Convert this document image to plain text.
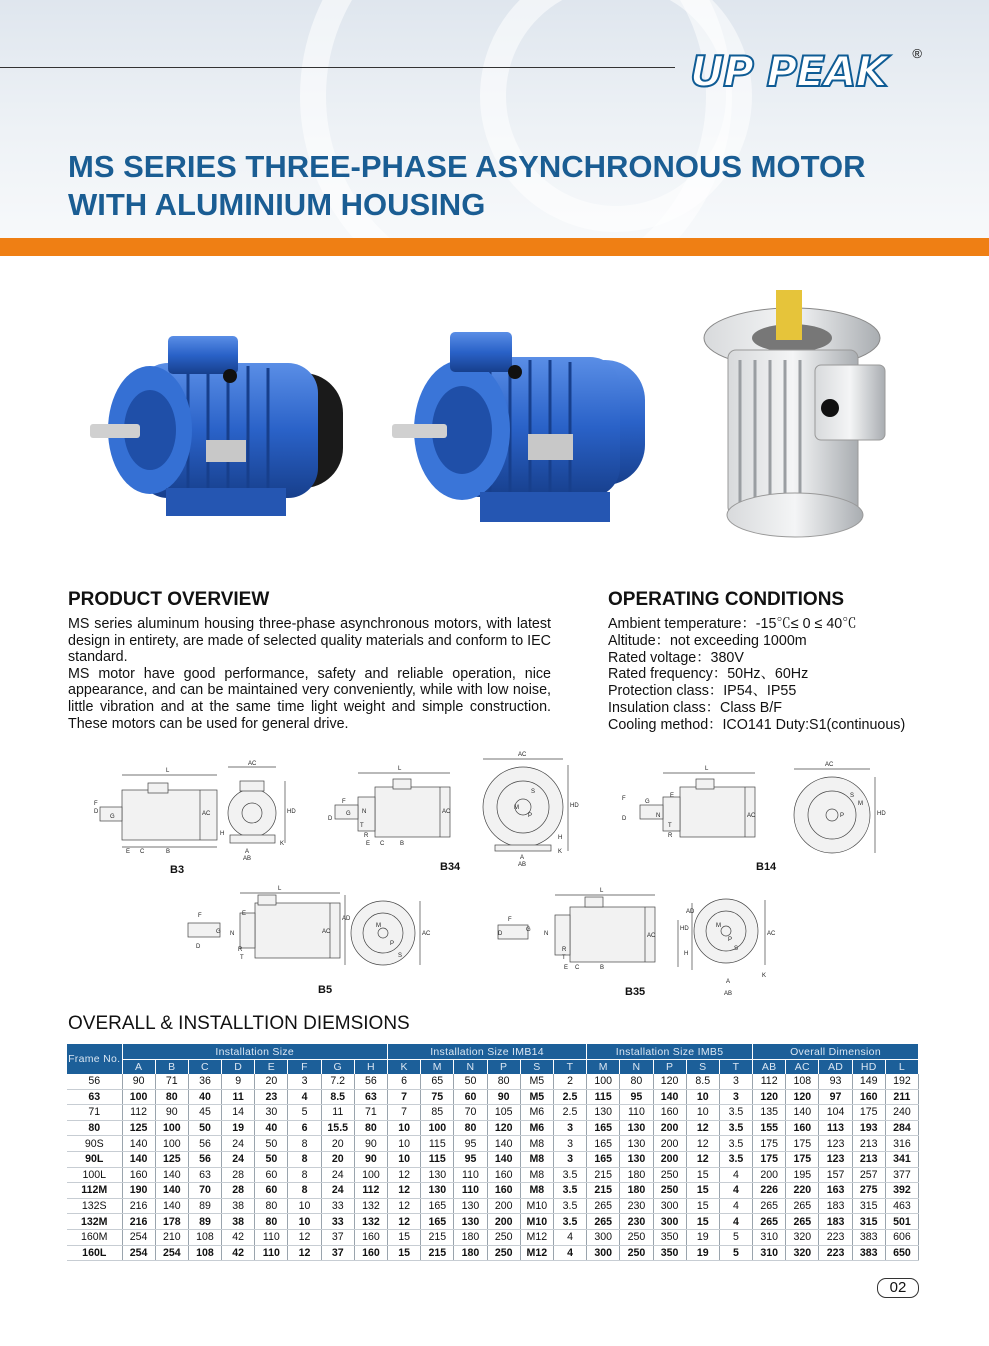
UP PEAK ®
MS SERIES THREE-PHASE ASYNCHRONOUS MOTOR
WITH ALUMINIUM HOUSING
PRODUCT OVERVIEW
MS series aluminum housing three-phase asynchronous motors, with latest design in entirety, are made of selected quality materials and conform to IEC standard.
MS motor have good performance, safety and reliable operation, nice appearance, and can be maintained very conveniently, while with low noise, little vibration and at the same time light weight and simple construction. These motors can be used for general drive.
OPERATING CONDITIONS
Ambient temperature：-15℃≤ 0 ≤ 40℃
Altitude：not exceeding 1000m
Rated voltage：380V
Rated frequency：50Hz、60Hz
Protection class：IP54、IP55
Insulation class：Class B/F
Cooling method：ICO141 Duty:S1(continuous)
L
D
G
F
E C	B
AC
AC
HD
A
AB
K
H
B3
L
D
F
G N
T
R
E C	B
AC
AC
HD
S
M
P
H
K
A
AB
B34
L
D
F	G
N
T
R
E
AC
AC
HD
S
M
P
B14
L
D
F
G N
R
T
E
AC
AD
AC
M
P
S
B5
L
D
F
G
N
R
T
E C	B
AC
HD
H
AD
AC
P
S
M
K
A
AB
B35
OVERALL & INSTALLTION DIEMSIONS
Frame No.	Installation Size								Installation Size IMB14						Installation Size IMB5					Overall Dimension				
	A	B	C	D	E	F	G	H	K	M	N	P	S	T	M	N	P	S	T	AB	AC	AD	HD	L
56	90	71	36	9	20	3	7.2	56	6	65	50	80	M5	2	100	80	120	8.5	3	112	108	93	149	192
63	100	80	40	11	23	4	8.5	63	7	75	60	90	M5	2.5	115	95	140	10	3	120	120	97	160	211
71	112	90	45	14	30	5	11	71	7	85	70	105	M6	2.5	130	110	160	10	3.5	135	140	104	175	240
80	125	100	50	19	40	6	15.5	80	10	100	80	120	M6	3	165	130	200	12	3.5	155	160	113	193	284
90S	140	100	56	24	50	8	20	90	10	115	95	140	M8	3	165	130	200	12	3.5	175	175	123	213	316
90L	140	125	56	24	50	8	20	90	10	115	95	140	M8	3	165	130	200	12	3.5	175	175	123	213	341
100L	160	140	63	28	60	8	24	100	12	130	110	160	M8	3.5	215	180	250	15	4	200	195	157	257	377
112M	190	140	70	28	60	8	24	112	12	130	110	160	M8	3.5	215	180	250	15	4	226	220	163	275	392
132S	216	140	89	38	80	10	33	132	12	165	130	200	M10	3.5	265	230	300	15	4	265	265	183	315	463
132M	216	178	89	38	80	10	33	132	12	165	130	200	M10	3.5	265	230	300	15	4	265	265	183	315	501
160M	254	210	108	42	110	12	37	160	15	215	180	250	M12	4	300	250	350	19	5	310	320	223	383	606
160L	254	254	108	42	110	12	37	160	15	215	180	250	M12	4	300	250	350	19	5	310	320	223	383	650
02
